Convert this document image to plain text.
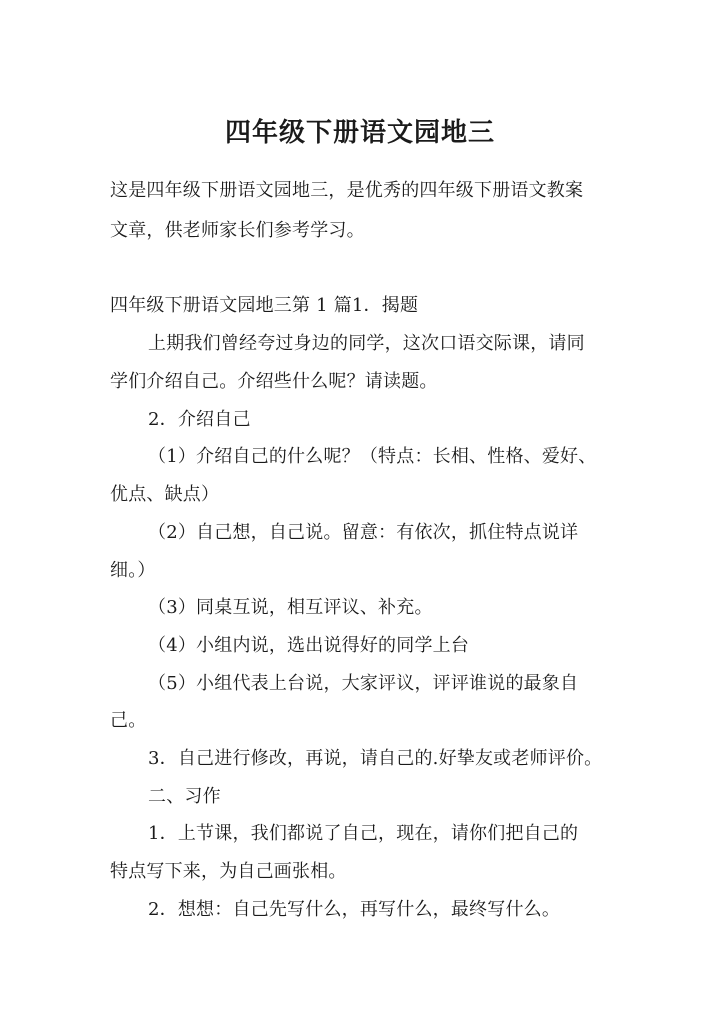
四年级下册语文园地三
这是四年级下册语文园地三，是优秀的四年级下册语文教案
文章，供老师家长们参考学习。
四年级下册语文园地三第 1 篇1．揭题
上期我们曾经夸过身边的同学，这次口语交际课，请同
学们介绍自己。介绍些什么呢？请读题。
2．介绍自己
（1）介绍自己的什么呢？（特点：长相、性格、爱好、
优点、缺点）
（2）自己想，自己说。留意：有依次，抓住特点说详
细。）
（3）同桌互说，相互评议、补充。
（4）小组内说，选出说得好的同学上台
（5）小组代表上台说，大家评议，评评谁说的最象自
己。
3．自己进行修改，再说，请自己的.好挚友或老师评价。
二、习作
1．上节课，我们都说了自己，现在，请你们把自己的
特点写下来，为自己画张相。
2．想想：自己先写什么，再写什么，最终写什么。
